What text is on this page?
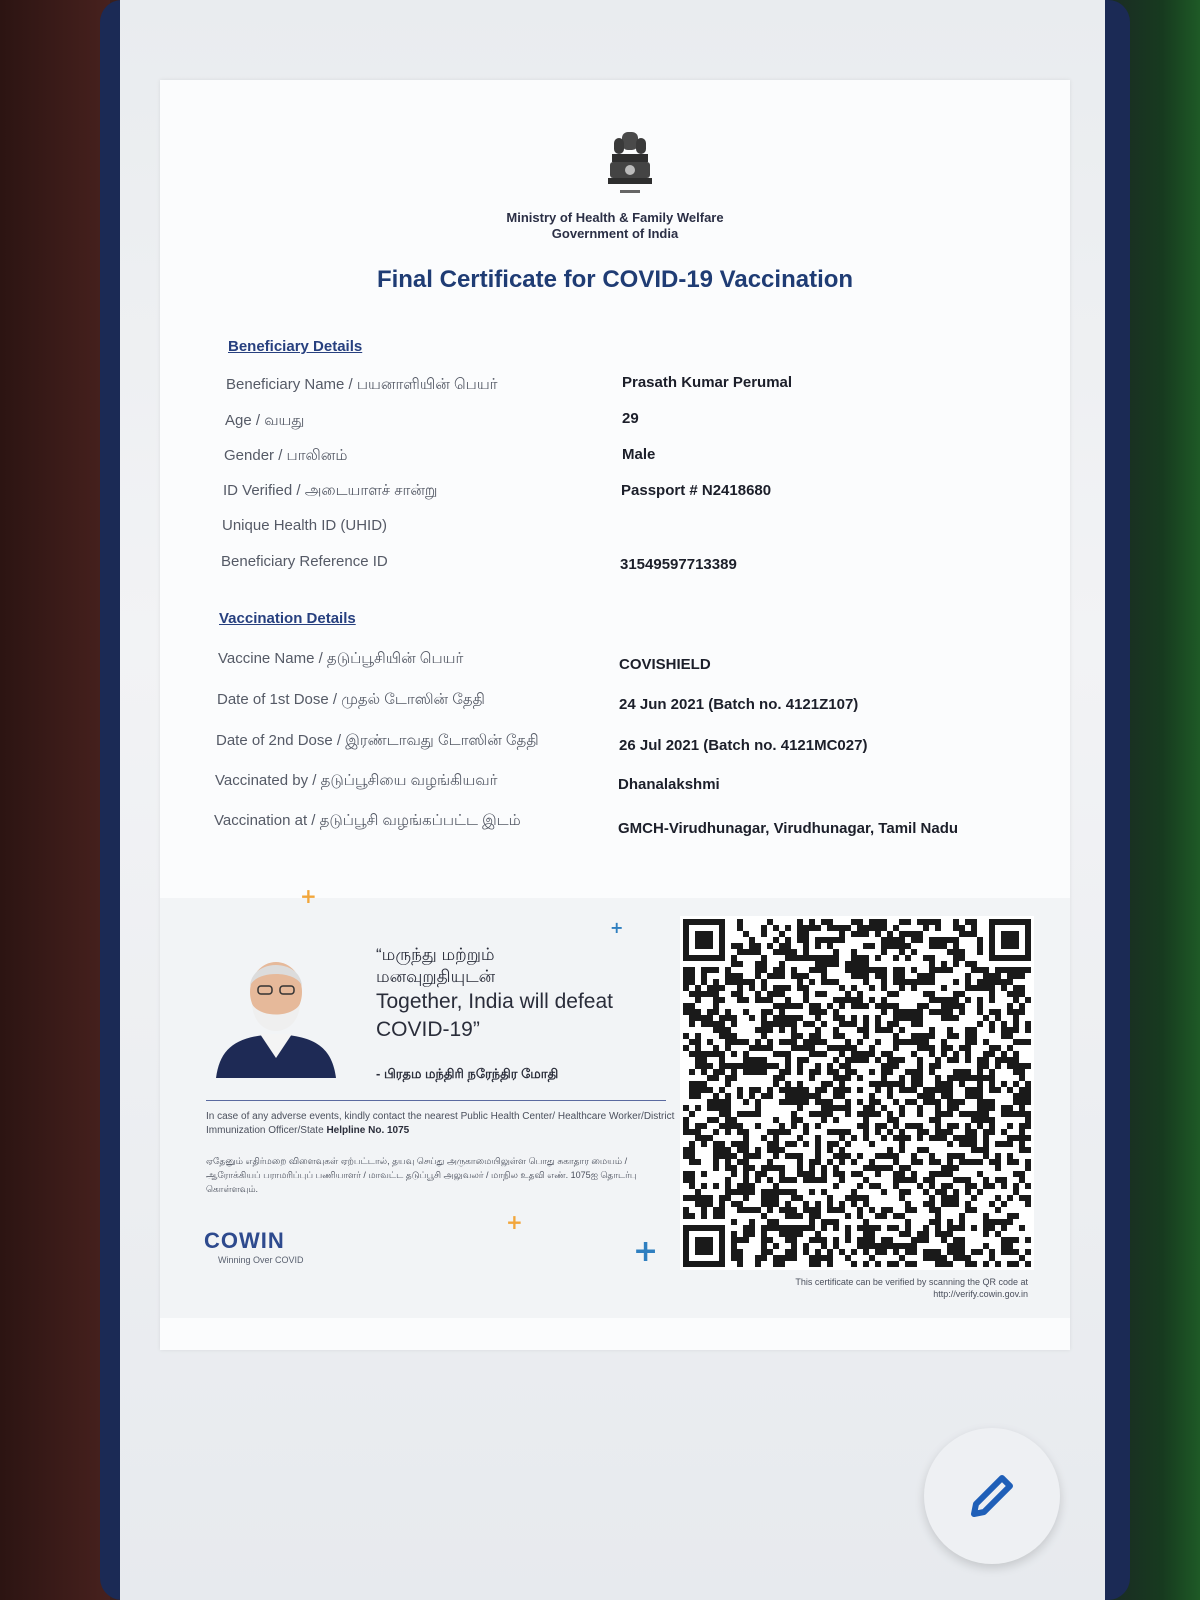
Ministry of Health & Family Welfare
Government of India
Final Certificate for COVID-19 Vaccination
Beneficiary Details
Beneficiary Name / பயனாளியின் பெயர்	Prasath Kumar Perumal
Age / வயது	29
Gender / பாலினம்	Male
ID Verified / அடையாளச் சான்று	Passport # N2418680
Unique Health ID (UHID)
Beneficiary Reference ID	31549597713389
Vaccination Details
Vaccine Name / தடுப்பூசியின் பெயர்	COVISHIELD
Date of 1st Dose / முதல் டோஸின் தேதி	24 Jun 2021 (Batch no. 4121Z107)
Date of 2nd Dose / இரண்டாவது டோஸின் தேதி	26 Jul 2021 (Batch no. 4121MC027)
Vaccinated by / தடுப்பூசியை வழங்கியவர்	Dhanalakshmi
Vaccination at / தடுப்பூசி வழங்கப்பட்ட இடம்	GMCH-Virudhunagar, Virudhunagar, Tamil Nadu
+
+
+
+
“மருந்து மற்றும்
மனவுறுதியுடன்
Together, India will defeat
COVID-19”
- பிரதம மந்திரி நரேந்திர மோதி
In case of any adverse events, kindly contact the nearest Public Health Center/ Healthcare Worker/District Immunization Officer/State Helpline No. 1075
ஏதேனும் எதிர்மறை விளைவுகள் ஏற்பட்டால், தயவு செய்து அருகாமையிலுள்ள பொது சுகாதார மையம் / ஆரோக்கியப் பராமரிப்புப் பணியாளர் / மாவட்ட தடுப்பூசி அலுவலர் / மாநில உதவி எண். 1075ஐ தொடர்பு கொள்ளவும்.
COWIN
Winning Over COVID
This certificate can be verified by scanning the QR code at
http://verify.cowin.gov.in
